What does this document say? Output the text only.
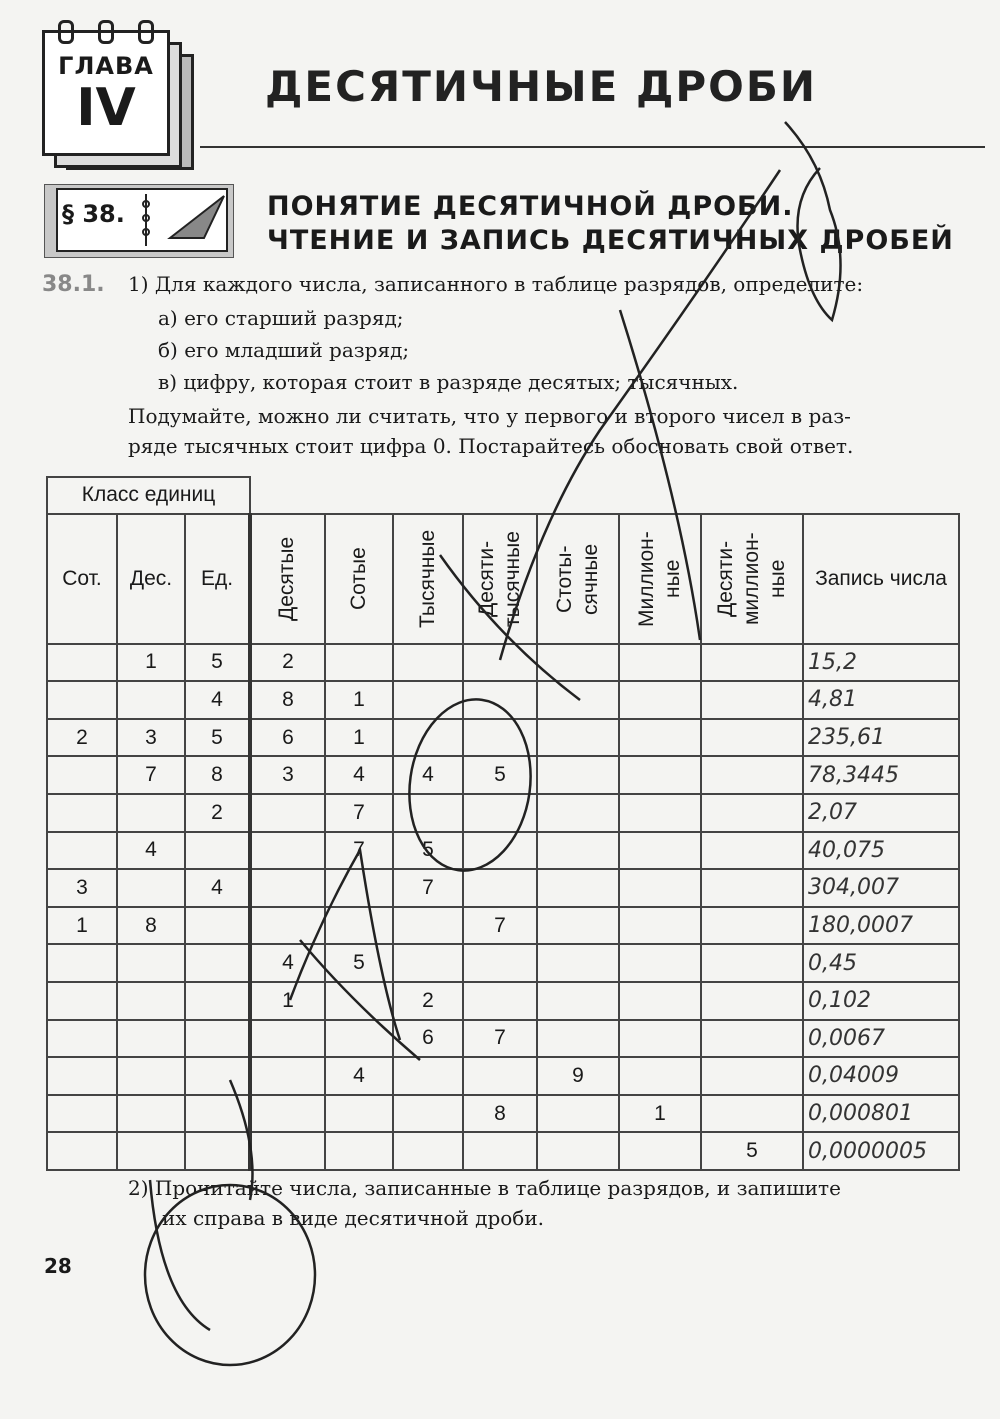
ГЛАВА
IV	ДЕСЯТИЧНЫЕ ДРОБИ
§ 38.	ПОНЯТИЕ ДЕСЯТИЧНОЙ ДРОБИ.
ЧТЕНИЕ И ЗАПИСЬ ДЕСЯТИЧНЫХ ДРОБЕЙ
38.1. 1) Для каждого числа, записанного в таблице разрядов, определите:
а) его старший разряд;
б) его младший разряд;
в) цифру, которая стоит в разряде десятых; тысячных.
Подумайте, можно ли считать, что у первого и второго чисел в раз-
ряде тысячных стоит цифра 0. Постарайтесь обосновать свой ответ.
Класс единиц										
Сот.	Дес.	Ед.	Десятые	Сотые	Тысячные	Десяти-тысячные	Стоты-сячные	Миллион-ные	Десяти-миллион-ные	Запись числа
	1	5	2							15,2
		4	8	1						4,81
2	3	5	6	1						235,61
	7	8	3	4	4	5				78,3445
		2		7						2,07
	4			7	5					40,075
3		4			7					304,007
1	8					7				180,0007
			4	5						0,45
			1		2					0,102
					6	7				0,0067
				4			9			0,04009
						8		1		0,000801
									5	0,0000005
2) Прочитайте числа, записанные в таблице разрядов, и запишите
их справа в виде десятичной дроби.
28
